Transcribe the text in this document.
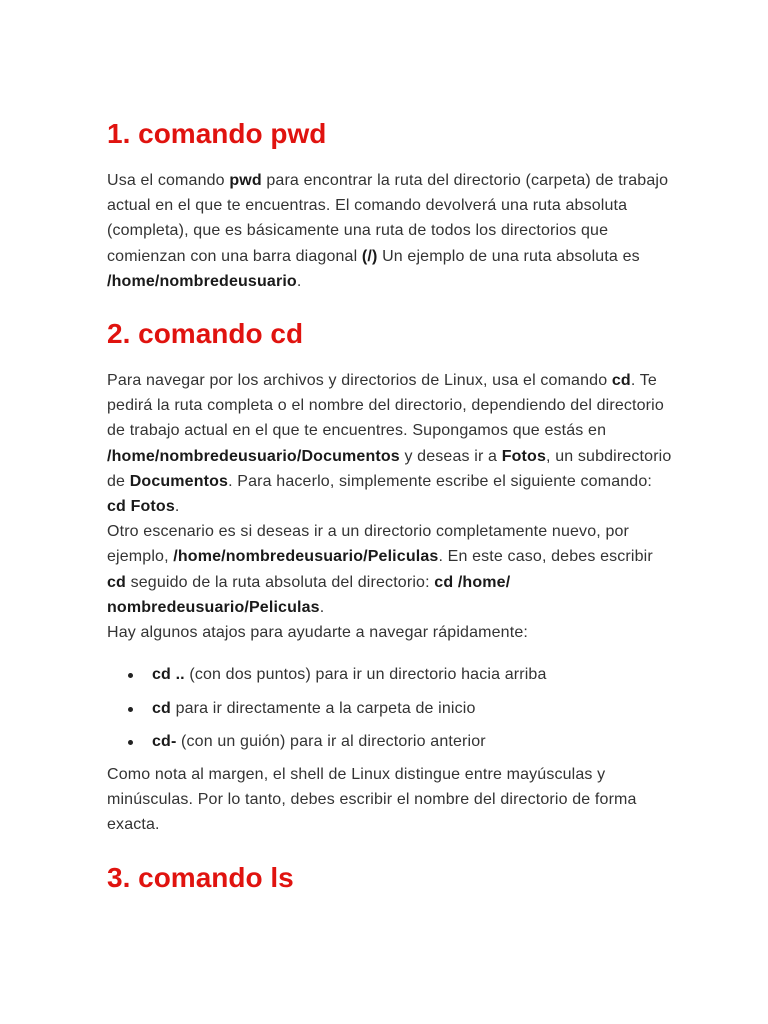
1. comando pwd

Usa el comando pwd para encontrar la ruta del directorio (carpeta) de trabajo actual en el que te encuentras. El comando devolverá una ruta absoluta (completa), que es básicamente una ruta de todos los directorios que comienzan con una barra diagonal (/) Un ejemplo de una ruta absoluta es /home/nombredeusuario.

2. comando cd

Para navegar por los archivos y directorios de Linux, usa el comando cd. Te pedirá la ruta completa o el nombre del directorio, dependiendo del directorio de trabajo actual en el que te encuentres. Supongamos que estás en /home/nombredeusuario/Documentos y deseas ir a Fotos, un subdirectorio de Documentos. Para hacerlo, simplemente escribe el siguiente comando: cd Fotos.
Otro escenario es si deseas ir a un directorio completamente nuevo, por ejemplo, /home/nombredeusuario/Peliculas. En este caso, debes escribir cd seguido de la ruta absoluta del directorio: cd /home/ nombredeusuario/Peliculas.
Hay algunos atajos para ayudarte a navegar rápidamente:

cd .. (con dos puntos) para ir un directorio hacia arriba
cd para ir directamente a la carpeta de inicio
cd- (con un guión) para ir al directorio anterior

Como nota al margen, el shell de Linux distingue entre mayúsculas y minúsculas. Por lo tanto, debes escribir el nombre del directorio de forma exacta.

3. comando ls
